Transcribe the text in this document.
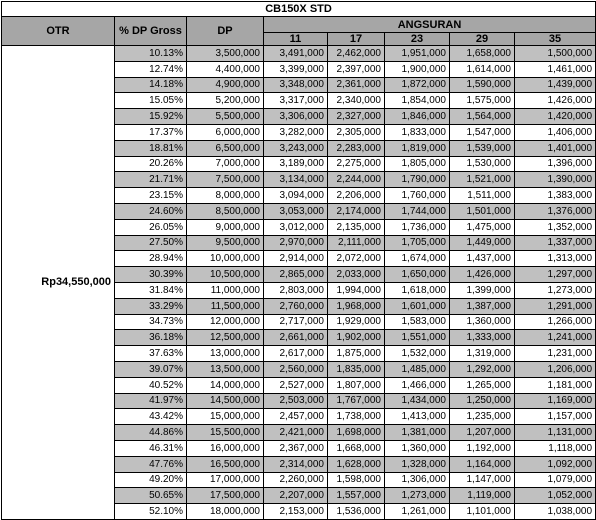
CB150X STD							
OTR	% DP Gross	DP	ANGSURAN				
			11	17	23	29	35
Rp34,550,000	10.13%	3,500,000	3,491,000	2,462,000	1,951,000	1,658,000	1,500,000
	12.74%	4,400,000	3,399,000	2,397,000	1,900,000	1,614,000	1,461,000
	14.18%	4,900,000	3,348,000	2,361,000	1,872,000	1,590,000	1,439,000
	15.05%	5,200,000	3,317,000	2,340,000	1,854,000	1,575,000	1,426,000
	15.92%	5,500,000	3,306,000	2,327,000	1,846,000	1,564,000	1,420,000
	17.37%	6,000,000	3,282,000	2,305,000	1,833,000	1,547,000	1,406,000
	18.81%	6,500,000	3,243,000	2,283,000	1,819,000	1,539,000	1,401,000
	20.26%	7,000,000	3,189,000	2,275,000	1,805,000	1,530,000	1,396,000
	21.71%	7,500,000	3,134,000	2,244,000	1,790,000	1,521,000	1,390,000
	23.15%	8,000,000	3,094,000	2,206,000	1,760,000	1,511,000	1,383,000
	24.60%	8,500,000	3,053,000	2,174,000	1,744,000	1,501,000	1,376,000
	26.05%	9,000,000	3,012,000	2,135,000	1,736,000	1,475,000	1,352,000
	27.50%	9,500,000	2,970,000	2,111,000	1,705,000	1,449,000	1,337,000
	28.94%	10,000,000	2,914,000	2,072,000	1,674,000	1,437,000	1,313,000
	30.39%	10,500,000	2,865,000	2,033,000	1,650,000	1,426,000	1,297,000
	31.84%	11,000,000	2,803,000	1,994,000	1,618,000	1,399,000	1,273,000
	33.29%	11,500,000	2,760,000	1,968,000	1,601,000	1,387,000	1,291,000
	34.73%	12,000,000	2,717,000	1,929,000	1,583,000	1,360,000	1,266,000
	36.18%	12,500,000	2,661,000	1,902,000	1,551,000	1,333,000	1,241,000
	37.63%	13,000,000	2,617,000	1,875,000	1,532,000	1,319,000	1,231,000
	39.07%	13,500,000	2,560,000	1,835,000	1,485,000	1,292,000	1,206,000
	40.52%	14,000,000	2,527,000	1,807,000	1,466,000	1,265,000	1,181,000
	41.97%	14,500,000	2,503,000	1,767,000	1,434,000	1,250,000	1,169,000
	43.42%	15,000,000	2,457,000	1,738,000	1,413,000	1,235,000	1,157,000
	44.86%	15,500,000	2,421,000	1,698,000	1,381,000	1,207,000	1,131,000
	46.31%	16,000,000	2,367,000	1,668,000	1,360,000	1,192,000	1,118,000
	47.76%	16,500,000	2,314,000	1,628,000	1,328,000	1,164,000	1,092,000
	49.20%	17,000,000	2,260,000	1,598,000	1,306,000	1,147,000	1,079,000
	50.65%	17,500,000	2,207,000	1,557,000	1,273,000	1,119,000	1,052,000
	52.10%	18,000,000	2,153,000	1,536,000	1,261,000	1,101,000	1,038,000
